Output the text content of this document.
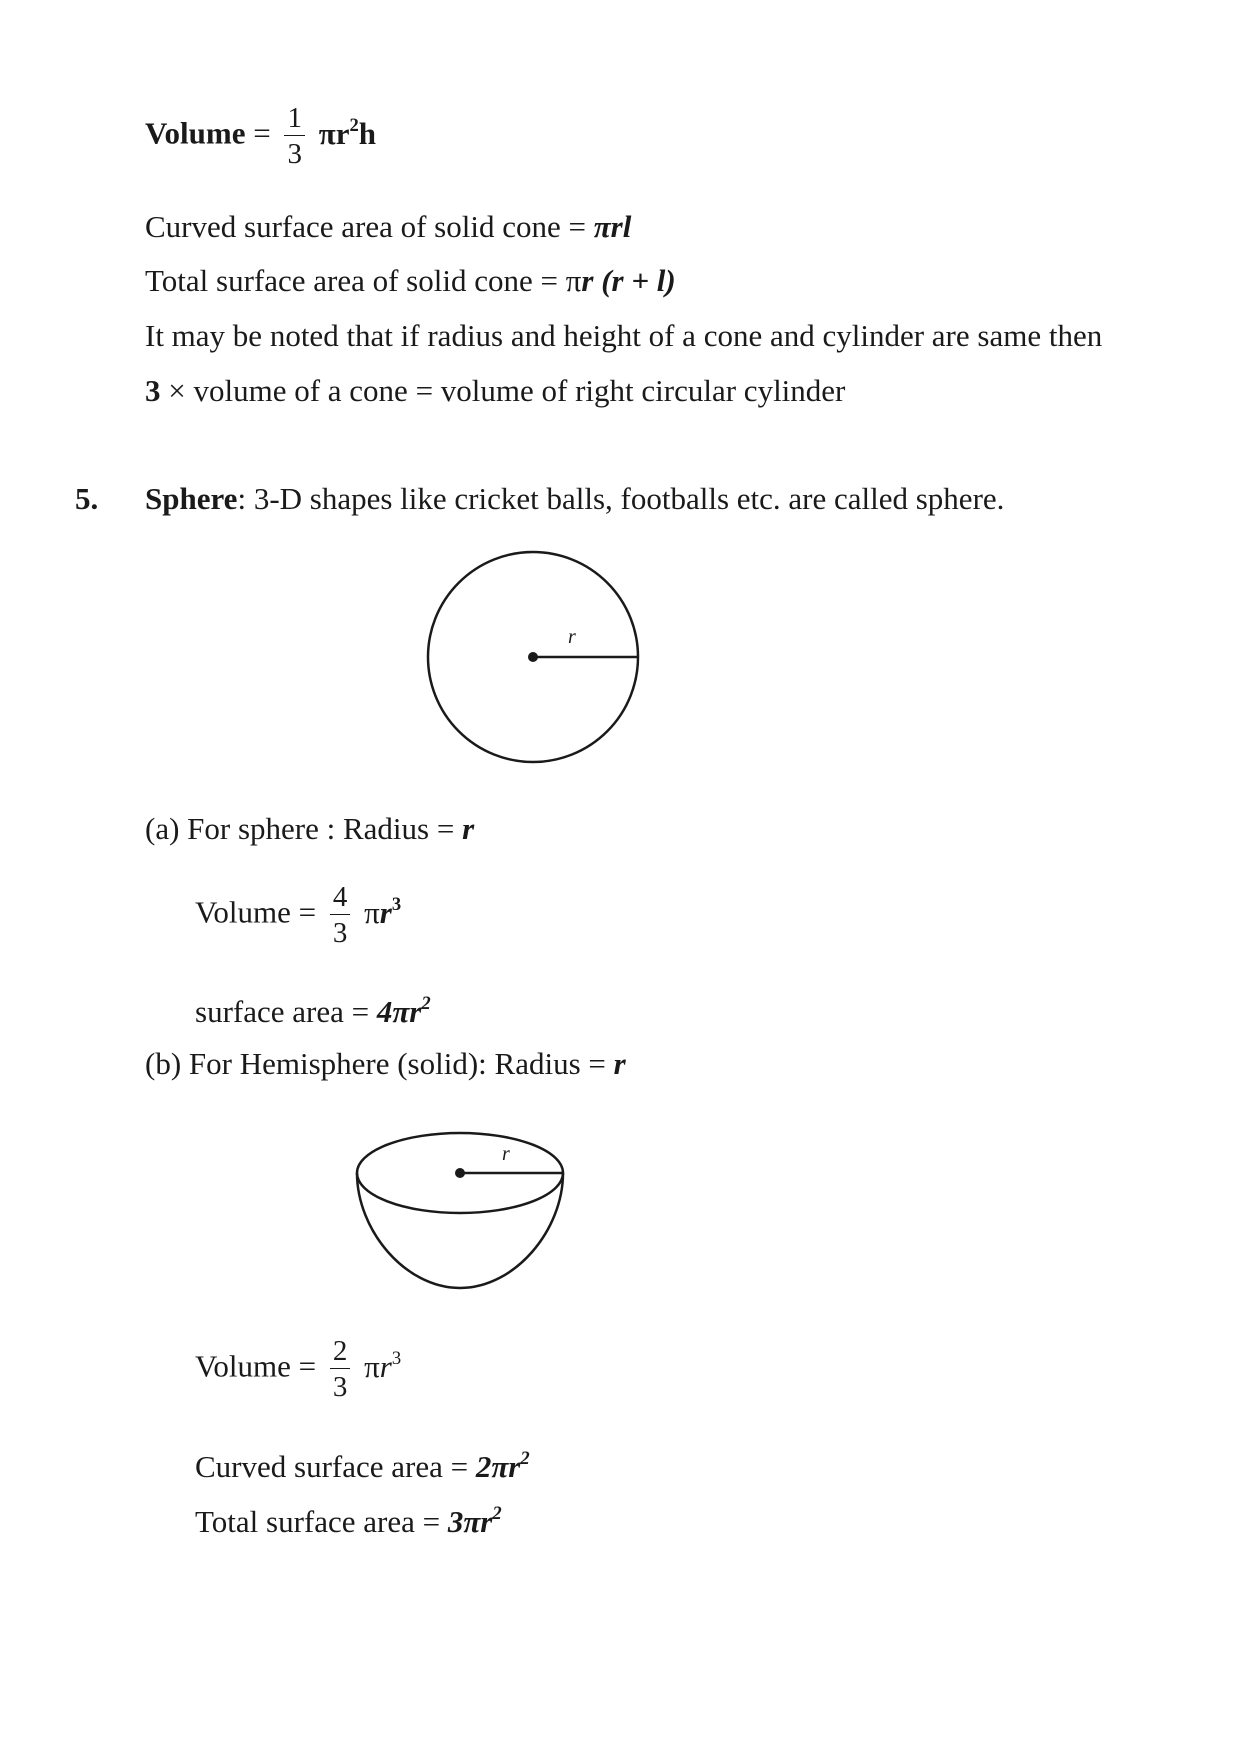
Volume = $\frac{1}{3} \pi r^2h$
Curved surface area of solid cone = πrl
Total surface area of solid cone = πr (r + l)
It may be noted that if radius and height of a cone and cylinder are same then
3 × volume of a cone = volume of right circular cylinder
5. Sphere: 3-D shapes like cricket balls, footballs etc. are called sphere.
r
(a) For sphere : Radius = r
Volume = $\frac{4}{3} \pi r^3$
surface area = $4\pi r^2$
(b) For Hemisphere (solid): Radius = r
r
Volume = $\frac{2}{3} \pi r^3$
Curved surface area = $2\pi r^2$
Total surface area = $3\pi r^2$
